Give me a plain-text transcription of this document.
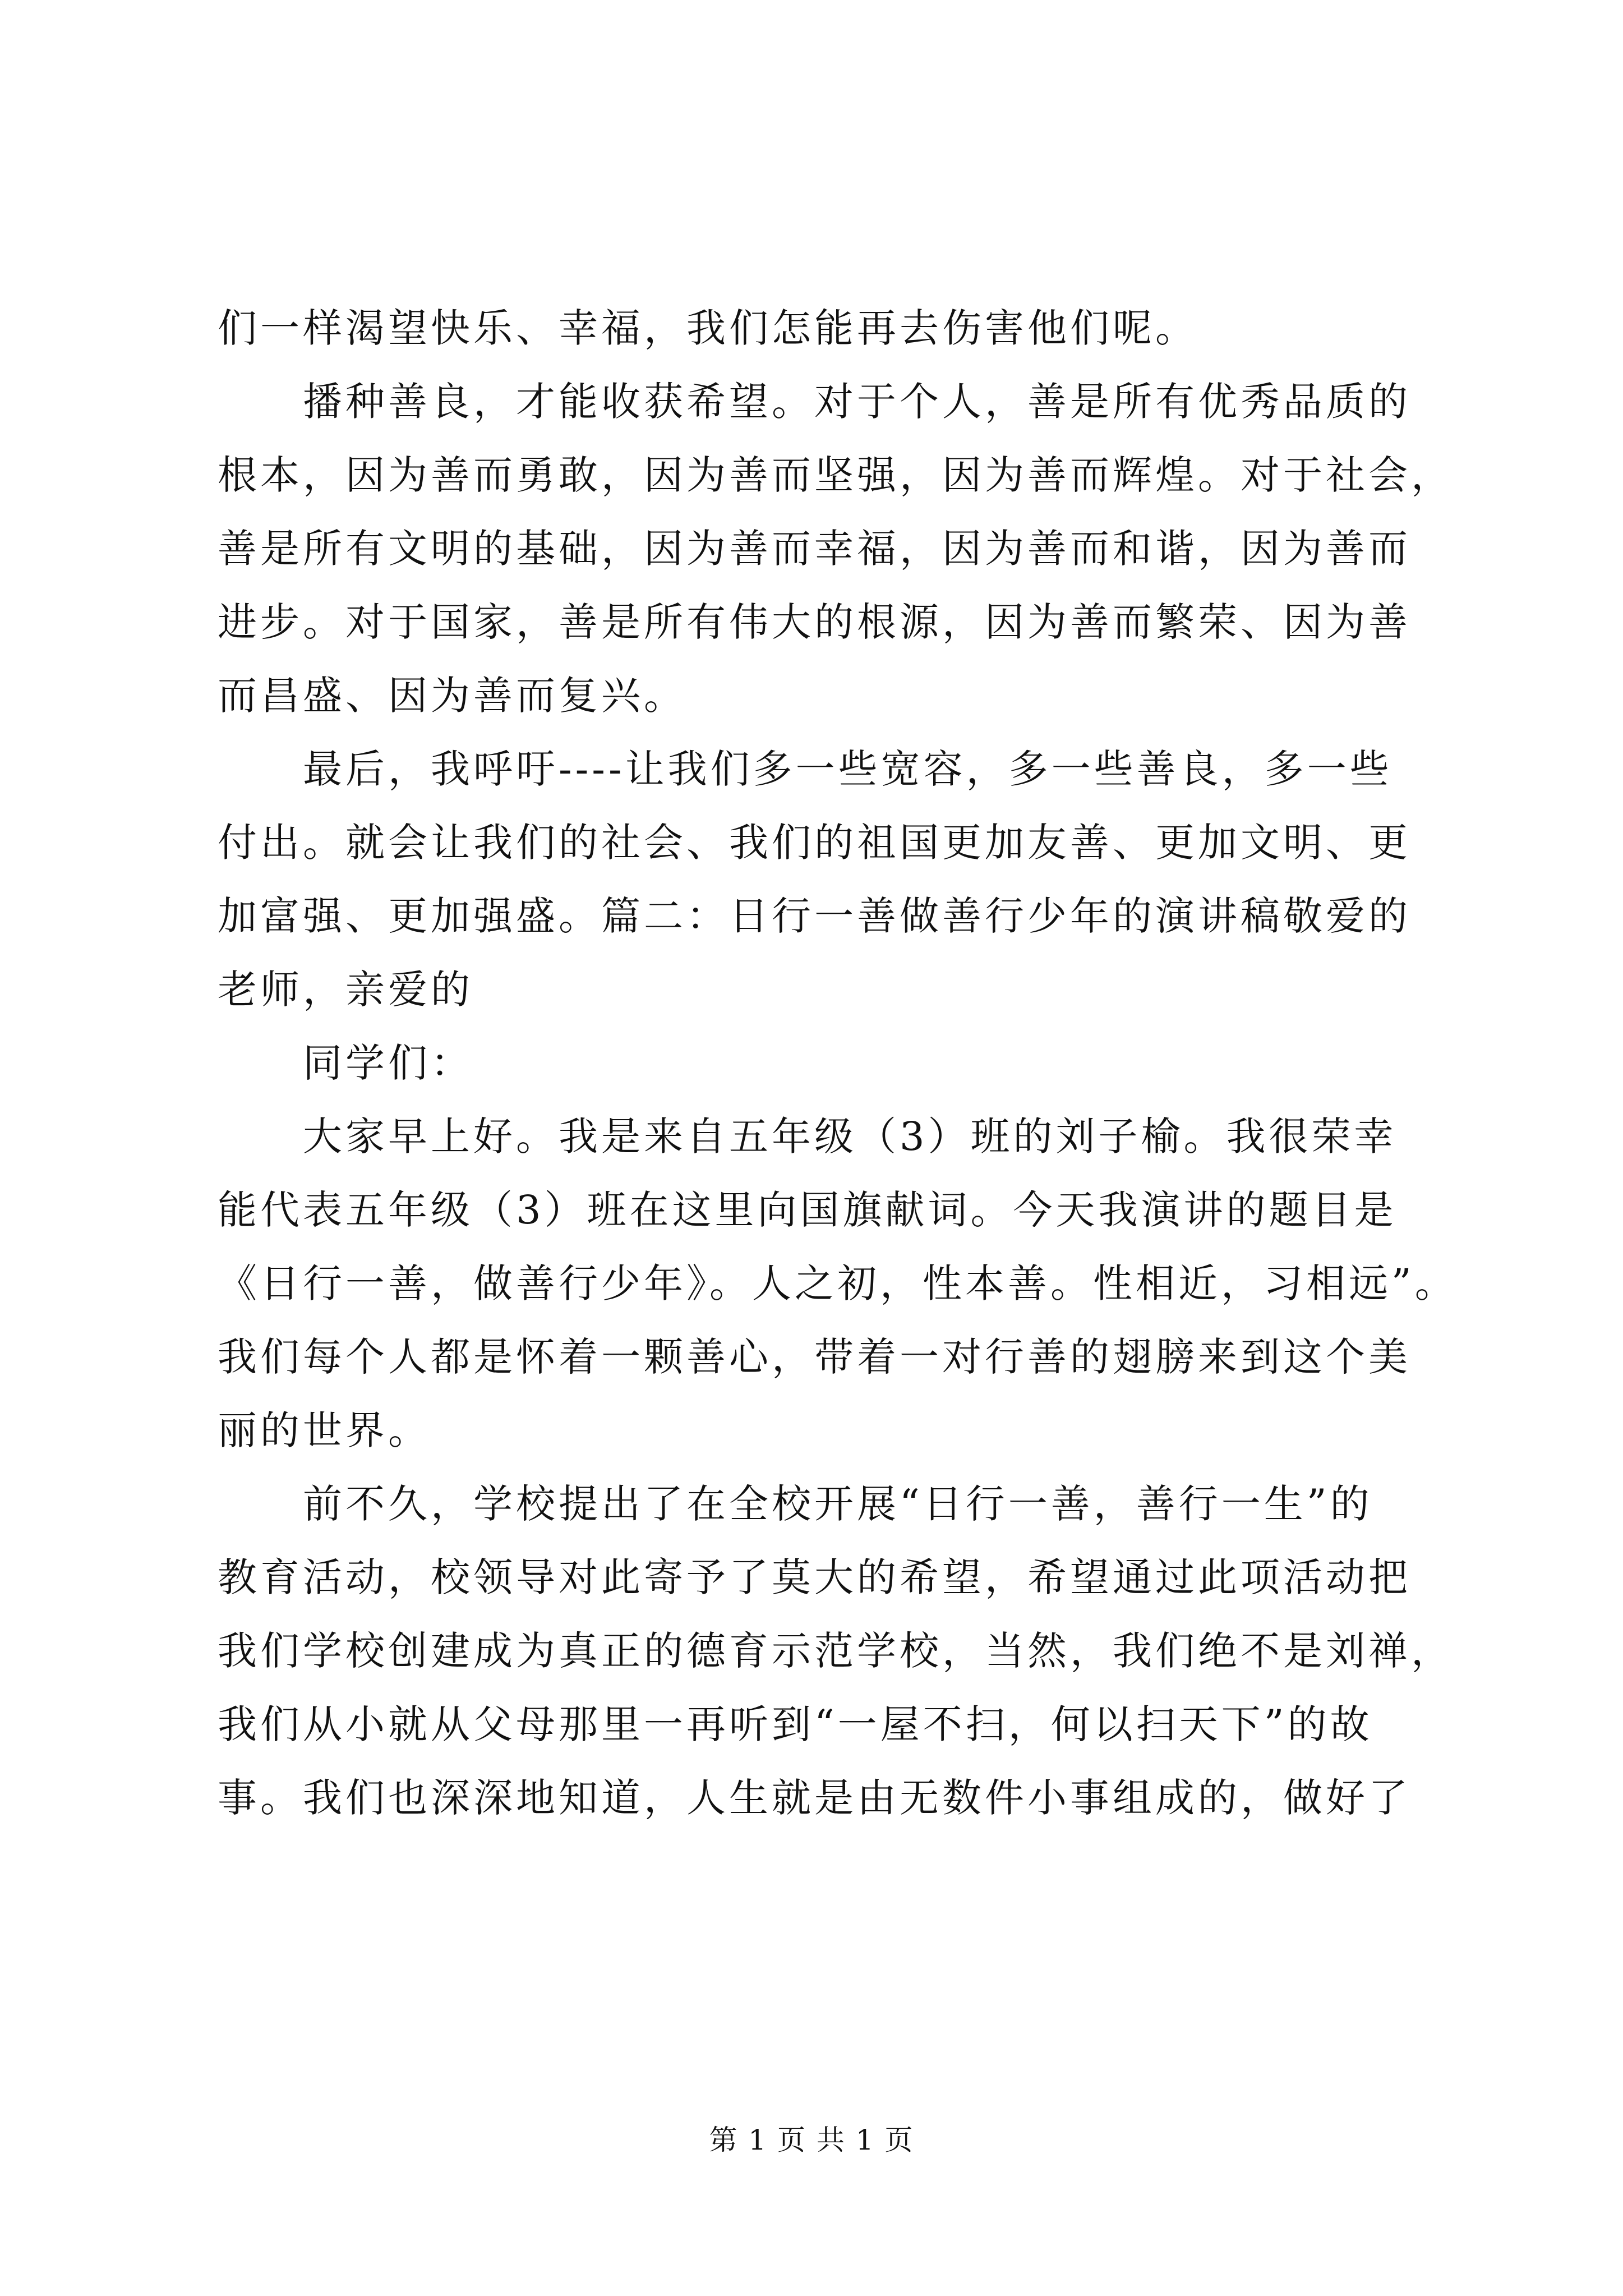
们一样渴望快乐、幸福，我们怎能再去伤害他们呢。
播种善良，才能收获希望。对于个人，善是所有优秀品质的
根本，因为善而勇敢，因为善而坚强，因为善而辉煌。对于社会，
善是所有文明的基础，因为善而幸福，因为善而和谐，因为善而
进步。对于国家，善是所有伟大的根源，因为善而繁荣、因为善
而昌盛、因为善而复兴。
最后，我呼吁----让我们多一些宽容，多一些善良，多一些
付出。就会让我们的社会、我们的祖国更加友善、更加文明、更
加富强、更加强盛。篇二：日行一善做善行少年的演讲稿敬爱的
老师，亲爱的
同学们：
大家早上好。我是来自五年级（3）班的刘子榆。我很荣幸
能代表五年级（3）班在这里向国旗献词。今天我演讲的题目是
《日行一善，做善行少年》。人之初，性本善。性相近，习相远”。
我们每个人都是怀着一颗善心，带着一对行善的翅膀来到这个美
丽的世界。
前不久，学校提出了在全校开展“日行一善，善行一生”的
教育活动，校领导对此寄予了莫大的希望，希望通过此项活动把
我们学校创建成为真正的德育示范学校，当然，我们绝不是刘禅，
我们从小就从父母那里一再听到“一屋不扫，何以扫天下”的故
事。我们也深深地知道，人生就是由无数件小事组成的，做好了
第 1 页 共 1 页
